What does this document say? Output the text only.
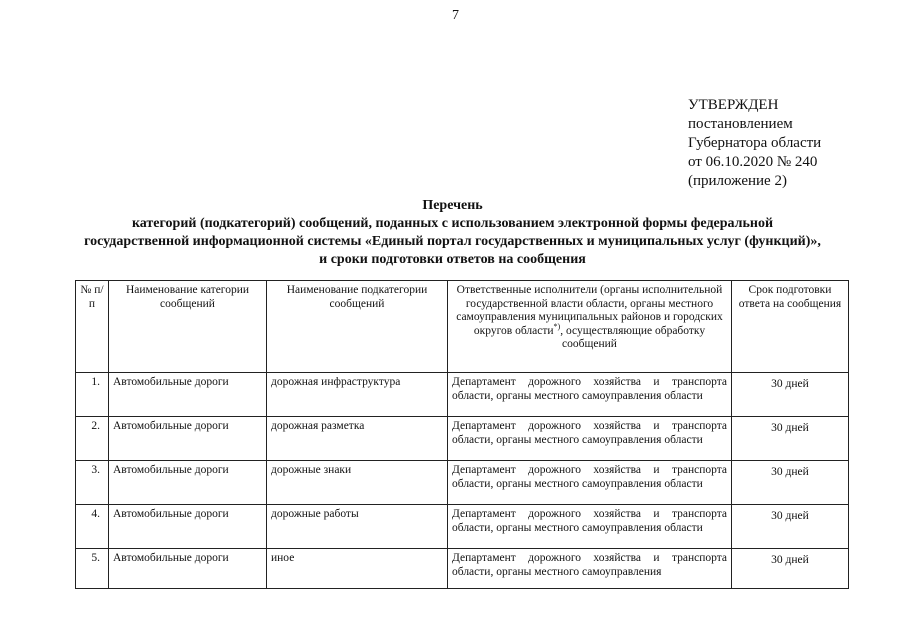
7
УТВЕРЖДЕН
постановлением
Губернатора области
от 06.10.2020 № 240
(приложение 2)
Перечень
категорий (подкатегорий) сообщений, поданных с использованием электронной формы федеральной
государственной информационной системы «Единый портал государственных и муниципальных услуг (функций)»,
и сроки подготовки ответов на сообщения
№ п/п	Наименование категории сообщений	Наименование подкатегории сообщений	Ответственные исполнители (органы исполнительной государственной власти области, органы местного самоуправления муниципальных районов и городских округов области*), осуществляющие обработку сообщений	Срок подготовки ответа на сообщения
1.	Автомобильные дороги	дорожная инфраструктура	Департамент дорожного хозяйства и транспорта области, органы местного самоуправления области	30 дней
2.	Автомобильные дороги	дорожная разметка	Департамент дорожного хозяйства и транспорта области, органы местного самоуправления области	30 дней
3.	Автомобильные дороги	дорожные знаки	Департамент дорожного хозяйства и транспорта области, органы местного самоуправления области	30 дней
4.	Автомобильные дороги	дорожные работы	Департамент дорожного хозяйства и транспорта области, органы местного самоуправления области	30 дней
5.	Автомобильные дороги	иное	Департамент дорожного хозяйства и транспорта области, органы местного самоуправления	30 дней
